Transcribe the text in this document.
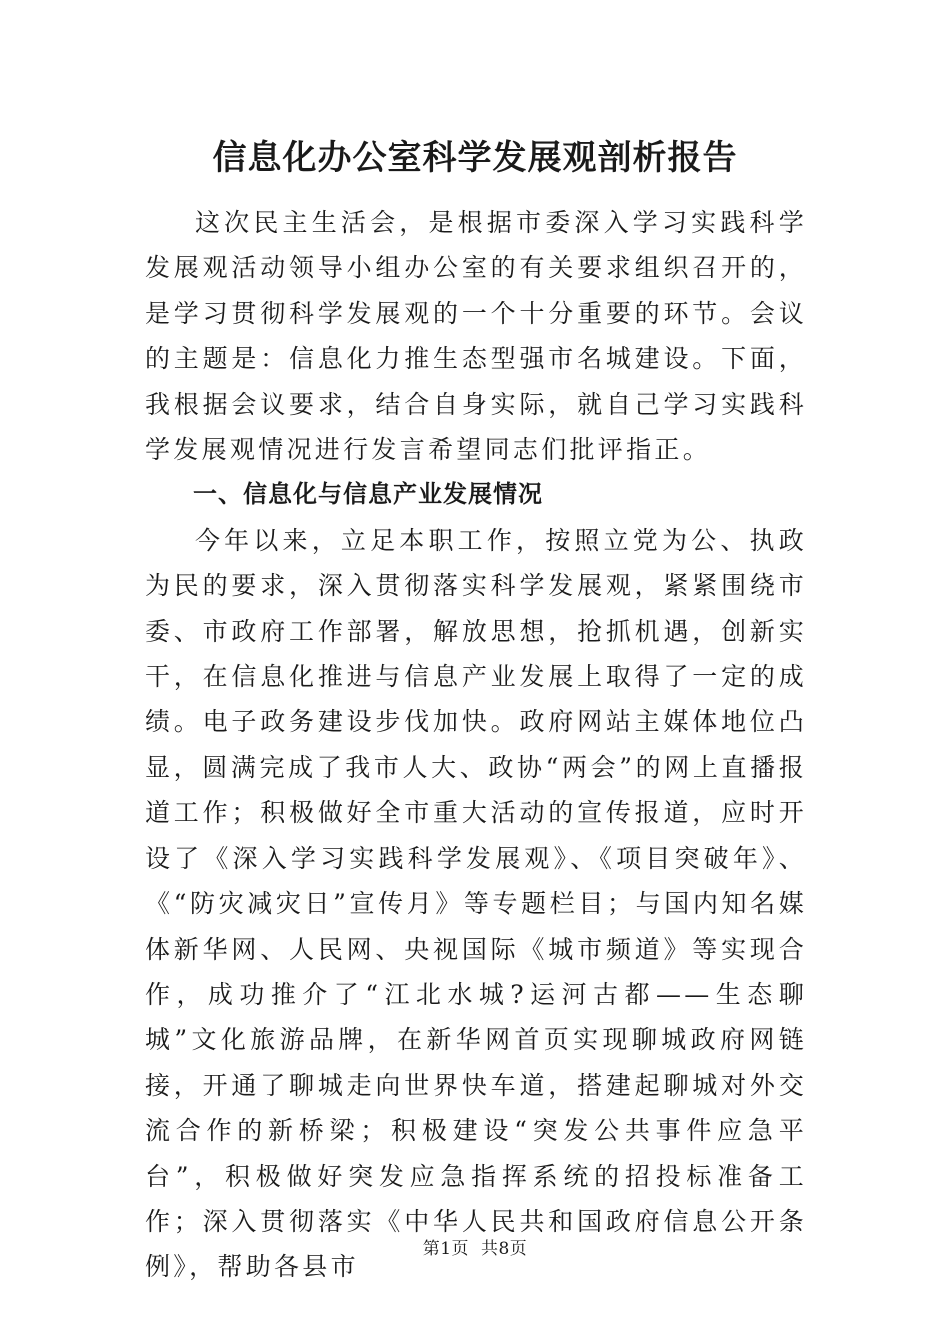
信息化办公室科学发展观剖析报告

这次民主生活会，是根据市委深入学习实践科学发展观活动领导小组办公室的有关要求组织召开的，是学习贯彻科学发展观的一个十分重要的环节。会议的主题是：信息化力推生态型强市名城建设。下面，我根据会议要求，结合自身实际，就自己学习实践科学发展观情况进行发言希望同志们批评指正。

一、信息化与信息产业发展情况

今年以来，立足本职工作，按照立党为公、执政为民的要求，深入贯彻落实科学发展观，紧紧围绕市委、市政府工作部署，解放思想，抢抓机遇，创新实干，在信息化推进与信息产业发展上取得了一定的成绩。电子政务建设步伐加快。政府网站主媒体地位凸显，圆满完成了我市人大、政协“两会”的网上直播报道工作；积极做好全市重大活动的宣传报道，应时开设了《深入学习实践科学发展观》、《项目突破年》、《“防灾减灾日”宣传月》等专题栏目；与国内知名媒体新华网、人民网、央视国际《城市频道》等实现合作，成功推介了“江北水城?运河古都——生态聊城”文化旅游品牌，在新华网首页实现聊城政府网链接，开通了聊城走向世界快车道，搭建起聊城对外交流合作的新桥梁；积极建设“突发公共事件应急平台”，积极做好突发应急指挥系统的招投标准备工作；深入贯彻落实《中华人民共和国政府信息公开条例》，帮助各县市

第1页 共8页
